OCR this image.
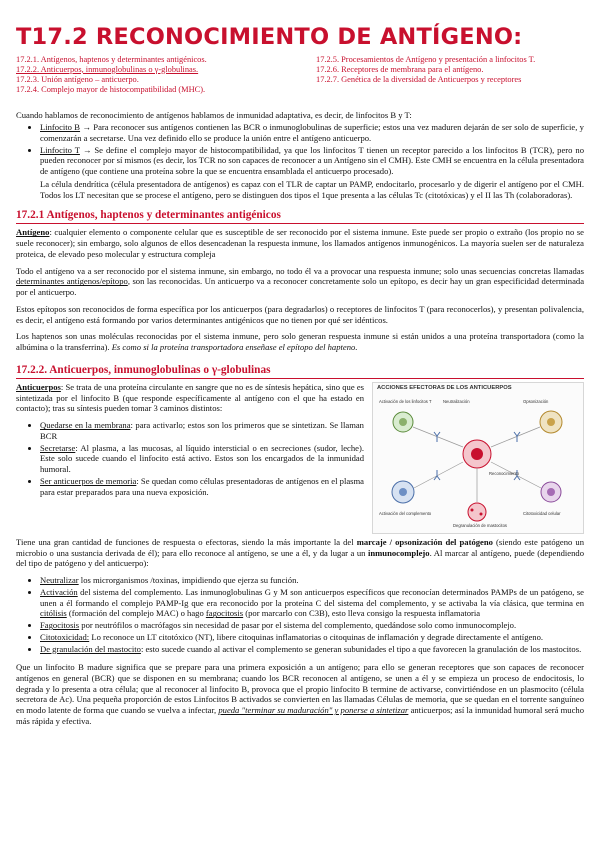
T17.2 RECONOCIMIENTO DE ANTÍGENO:
17.2.1. Antígenos, haptenos y determinantes antigénicos.
17.2.2. Anticuerpos, inmunoglobulinas o γ-globulinas.
17.2.3. Unión antígeno – anticuerpo.
17.2.4. Complejo mayor de histocompatibilidad (MHC).
17.2.5. Procesamientos de Antígeno y presentación a linfocitos T.
17.2.6. Receptores de membrana para el antígeno.
17.2.7. Genética de la diversidad de Anticuerpos y receptores

Cuando hablamos de reconocimiento de antígenos hablamos de inmunidad adaptativa, es decir, de linfocitos B y T:

• Linfocito B → Para reconocer sus antígenos contienen las BCR o inmunoglobulinas de superficie; estos una vez maduren dejarán de ser solo de superficie, y comenzarán a secretarse. Una vez definido ello se produce la unión entre el antígeno anticuerpo.
• Linfocito T → Se define el complejo mayor de histocompatibilidad, ya que los linfocitos T tienen un receptor parecido a los linfocitos B (TCR), pero no pueden reconocer por sí mismos (es decir, los TCR no son capaces de reconocer a un Antígeno sin el CMH). Este CMH se encuentra en la célula presentadora de antígeno (que contiene una proteína sobre la que se encuentra ensamblada el anticuerpo procesado).
La célula dendrítica (célula presentadora de antígenos) es capaz con el TLR de captar un PAMP, endocitarlo, procesarlo y de digerir el antígeno por el CMH. Todos los LT necesitan que se procese el antígeno, pero se distinguen dos tipos el 1que presenta a las células Tc (citotóxicas) y el II las Th (colaboradoras).
17.2.1 Antígenos, haptenos y determinantes antigénicos

Antígeno: cualquier elemento o componente celular que es susceptible de ser reconocido por el sistema inmune. Este puede ser propio o extraño (los propio no se suele reconocer); sin embargo, solo algunos de ellos desencadenan la respuesta inmune, los llamados antígenos inmunogénicos. La mayoría suelen ser de naturaleza proteica, de elevado peso molecular y estructura compleja

Todo el antígeno va a ser reconocido por el sistema inmune, sin embargo, no todo él va a provocar una respuesta inmune; solo unas secuencias concretas llamadas determinantes antígenos/epítopo, son las reconocidas. Un anticuerpo va a reconocer concretamente solo un epítopo, es decir hay un gran especificidad determinada por el anticuerpo.

Estos epítopos son reconocidos de forma específica por los anticuerpos (para degradarlos) o receptores de linfocitos T (para reconocerlos), y presentan polivalencia, es decir, el antígeno está formando por varios determinantes antigénicos que no tienen por qué ser idénticos.

Los haptenos son unas moléculas reconocidas por el sistema inmune, pero solo generan respuesta inmune si están unidos a una proteína transportadora (como la albúmina o la transferrina). Es como si la proteína transportadora enseñase el epítopo del hapteno.

17.2.2. Anticuerpos, inmunoglobulinas o γ-globulinas

Anticuerpos: Se trata de una proteína circulante en sangre que no es de síntesis hepática, sino que es sintetizada por el linfocito B (que responde específicamente al antígeno con el que ha estado en contacto); tras su síntesis pueden tomar 3 caminos distintos:

• Quedarse en la membrana: para activarlo; estos son los primeros que se sintetizan. Se llaman BCR
• Secretarse: Al plasma, a las mucosas, al líquido intersticial o en secreciones (sudor, leche). Este solo sucede cuando el linfocito está activo. Estos son los encargados de la inmunidad humoral.
• Ser anticuerpos de memoria: Se quedan como células presentadoras de antígenos en el plasma para estar preparados para una nueva exposición.
ACCIONES EFECTORAS DE LOS ANTICUERPOS
Activación de los linfocitos T	Neutralización	Opsonización
Activación del complemento	Citotoxicidad celular
Degranulación de mastocitos
Reconocimiento

Tiene una gran cantidad de funciones de respuesta o efectoras, siendo la más importante la del marcaje / opsonización del patógeno (siendo este patógeno un microbio o una sustancia derivada de él); para ello reconoce al antígeno, se une a él, y da lugar a un inmunocomplejo. Al marcar al antígeno, puede (dependiendo del tipo de patógeno y del anticuerpo):

• Neutralizar los microrganismos /toxinas, impidiendo que ejerza su función.
• Activación del sistema del complemento. Las inmunoglobulinas G y M son anticuerpos específicos que reconocían determinados PAMPs de un patógeno, se unen a él formando el complejo PAMP-Ig que era reconocido por la proteína C del sistema del complemento, y se activaba la vía clásica, que termina en citólisis (formación del complejo MAC) o hago fagocitosis (por marcarlo con C3B), esto lleva consigo la respuesta inflamatoria
• Fagocitosis por neutrófilos o macrófagos sin necesidad de pasar por el sistema del complemento, quedándose solo como inmunocomplejo.
• Citotoxicidad: Lo reconoce un LT citotóxico (NT), libere citoquinas inflamatorias o citoquinas de inflamación y degrade directamente el antígeno.
• De granulación del mastocito: esto sucede cuando al activar el complemento se generan subunidades el tipo a que favorecen la granulación de los mastocitos.

Que un linfocito B madure significa que se prepare para una primera exposición a un antígeno; para ello se generan receptores que son capaces de reconocer antígenos en general (BCR) que se disponen en su membrana; cuando los BCR reconocen al antígeno, se unen a él y se empieza un proceso de endocitosis, lo degrada y lo presenta a otra célula; que al reconocer al linfocito B, provoca que el propio linfocito B termine de activarse, convirtiéndose en un plasmocito (célula secretora de Ac). Una pequeña proporción de estos Linfocitos B activados se convierten en las llamadas Células de memoria, que se quedan en el torrente sanguíneo en modo latente de forma que cuando se vuelva a infectar, pueda "terminar su maduración" y ponerse a sintetizar anticuerpos; así la inmunidad humoral será mucho más rápida y efectiva.
